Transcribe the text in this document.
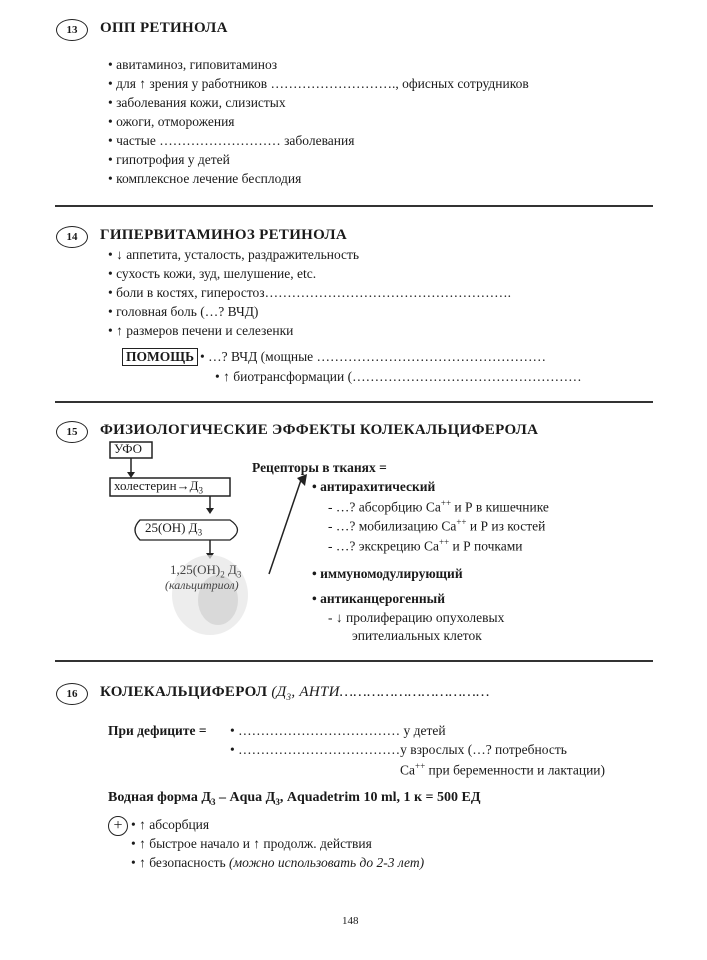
13	ОПП РЕТИНОЛА
• авитаминоз, гиповитаминоз
• для ↑ зрения у работников ………………………., офисных сотрудников
• заболевания кожи, слизистых
• ожоги, отморожения
• частые ……………………… заболевания
• гипотрофия у детей
• комплексное лечение бесплодия
14	ГИПЕРВИТАМИНОЗ РЕТИНОЛА
• ↓ аппетита, усталость, раздражительность
• сухость кожи, зуд, шелушение, etc.
• боли в костях, гиперостоз……………………………………………….
• головная боль (…? ВЧД)
• ↑ размеров печени и селезенки
ПОМОЩЬ • …? ВЧД (мощные ……………………………………………
• ↑ биотрансформации (……………………………………………
15	ФИЗИОЛОГИЧЕСКИЕ ЭФФЕКТЫ КОЛЕКАЛЬЦИФЕРОЛА
УФО
$холестерин\to Д_3$
25(ОН) $Д_3$
$1,25(ОН)_2$ $Д_3$
(кальцитриол)
Рецепторы в тканях =
• антирахитический
- …? абсорбцию Са++ и Р в кишечнике
- …? мобилизацию Са++ и Р из костей
- …? экскрецию Са++ и Р почками
• иммуномодулирующий
• антиканцерогенный
- ↓ пролиферацию опухолевых
эпителиальных клеток
16	КОЛЕКАЛЬЦИФЕРОЛ ($Д_3$, АНТИ……………………………
При дефиците = • ……………………………… у детей
• ………………………………у взрослых (…? потребность
Са++ при беременности и лактации)
Водная форма $Д_3$ – Aqua $Д_3$, Aquadetrim 10 ml, 1 к = 500 ЕД
+ • ↑ абсорбция
• ↑ быстрое начало и ↑ продолж. действия
• ↑ безопасность (можно использовать до 2-3 лет)
148
